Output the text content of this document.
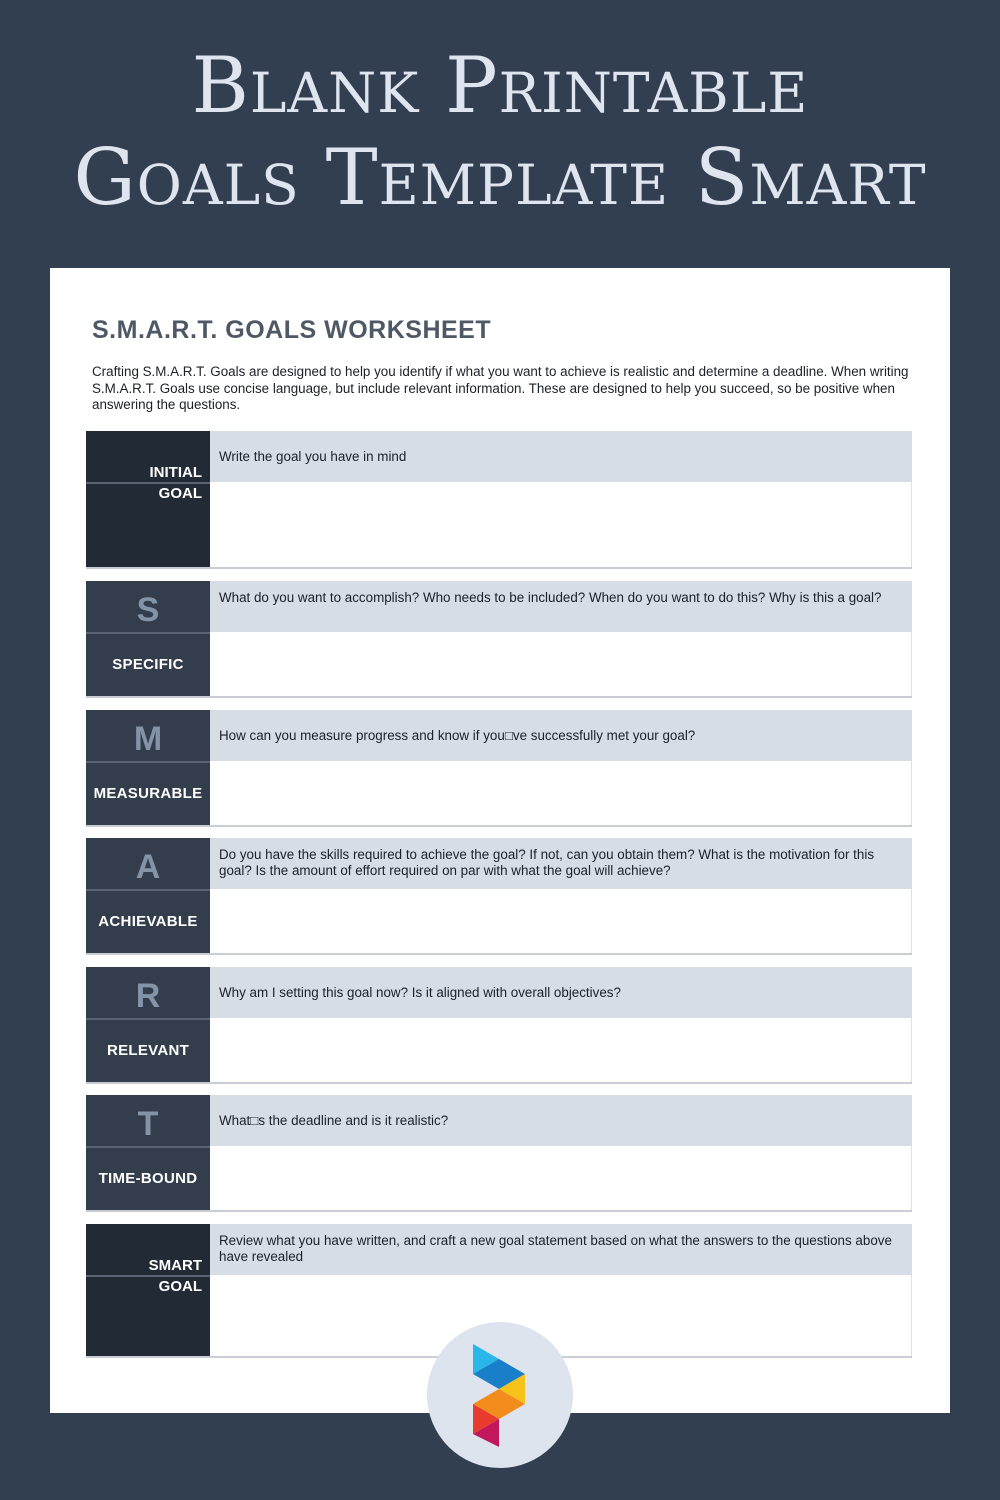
Blank Printable
Goals Template Smart
S.M.A.R.T. GOALS WORKSHEET
Crafting S.M.A.R.T. Goals are designed to help you identify if what you want to achieve is realistic and determine a deadline. When writing S.M.A.R.T. Goals use concise language, but include relevant information. These are designed to help you succeed, so be positive when answering the questions.
INITIAL
GOAL
Write the goal you have in mind
S
SPECIFIC
What do you want to accomplish? Who needs to be included? When do you want to do this? Why is this a goal?
M
MEASURABLE
How can you measure progress and know if you□ve successfully met your goal?
A
ACHIEVABLE
Do you have the skills required to achieve the goal? If not, can you obtain them? What is the motivation for this goal? Is the amount of effort required on par with what the goal will achieve?
R
RELEVANT
Why am I setting this goal now? Is it aligned with overall objectives?
T
TIME-BOUND
What□s the deadline and is it realistic?
SMART
GOAL
Review what you have written, and craft a new goal statement based on what the answers to the questions above have revealed
